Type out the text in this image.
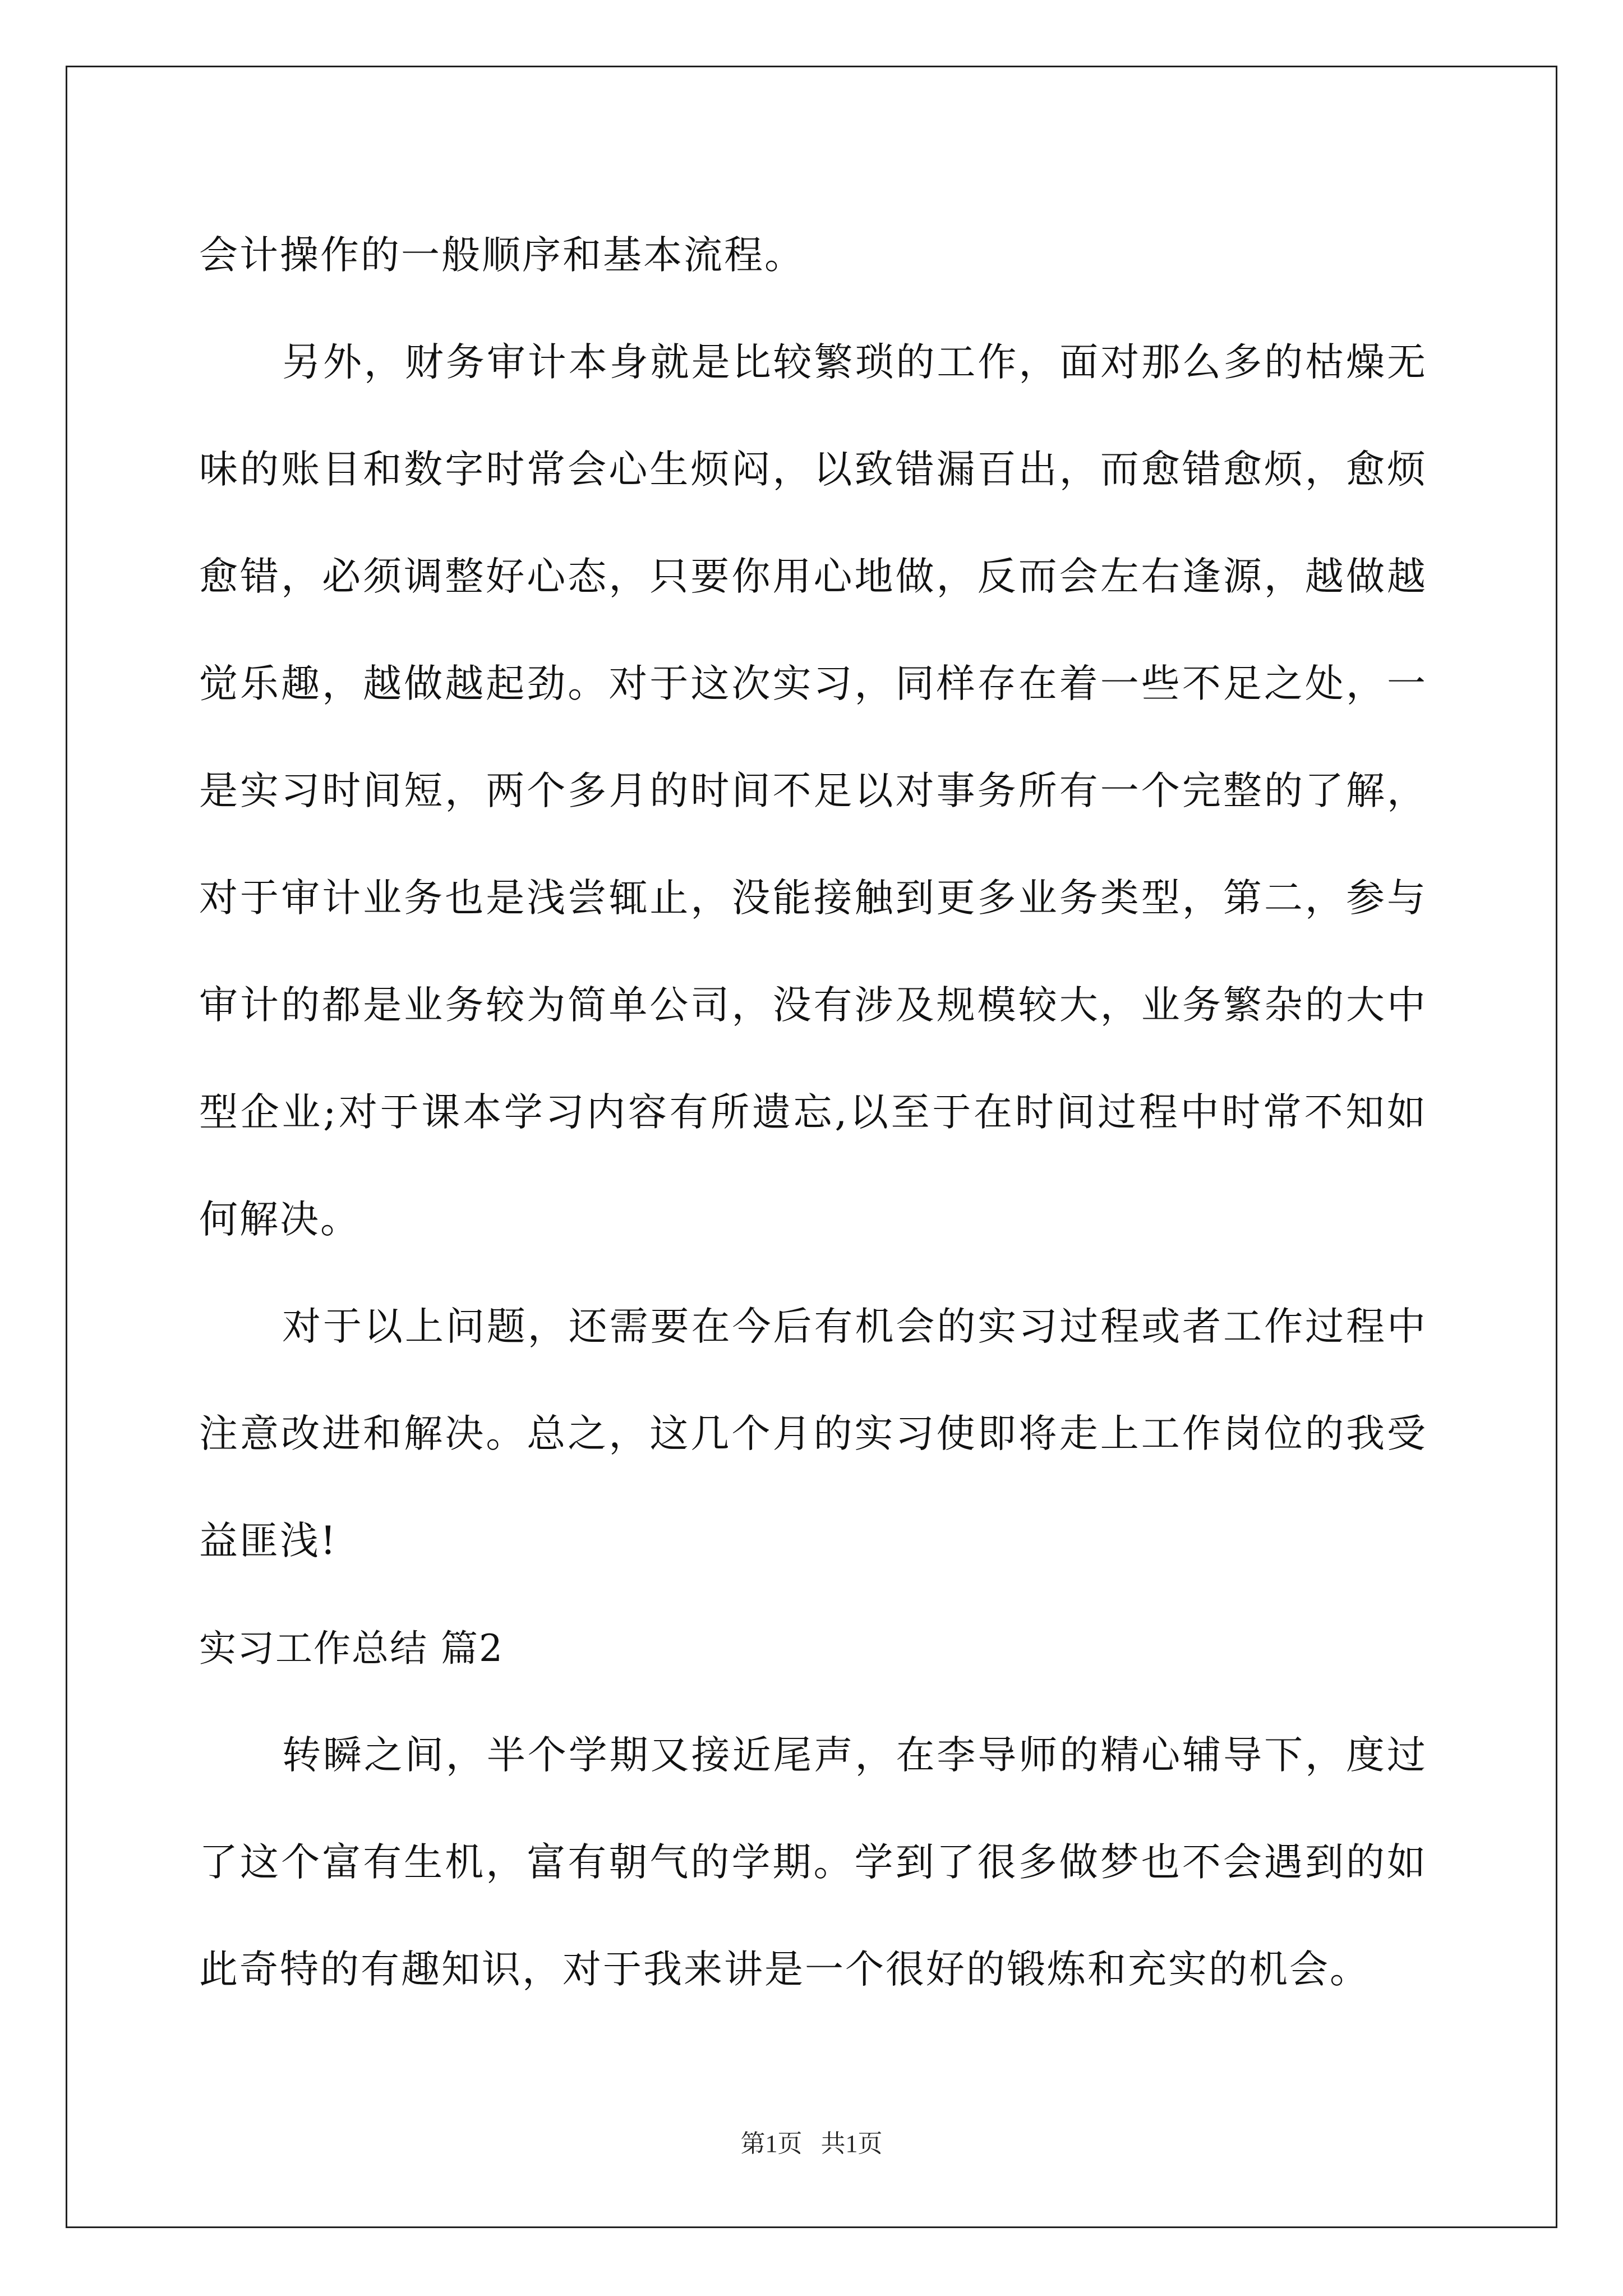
会计操作的一般顺序和基本流程。

另外，财务审计本身就是比较繁琐的工作，面对那么多的枯燥无味的账目和数字时常会心生烦闷，以致错漏百出，而愈错愈烦，愈烦愈错，必须调整好心态，只要你用心地做，反而会左右逢源，越做越觉乐趣，越做越起劲。对于这次实习，同样存在着一些不足之处，一是实习时间短，两个多月的时间不足以对事务所有一个完整的了解，对于审计业务也是浅尝辄止，没能接触到更多业务类型，第二，参与审计的都是业务较为简单公司，没有涉及规模较大，业务繁杂的大中型企业;对于课本学习内容有所遗忘,以至于在时间过程中时常不知如何解决。

对于以上问题，还需要在今后有机会的实习过程或者工作过程中注意改进和解决。总之，这几个月的实习使即将走上工作岗位的我受益匪浅!

实习工作总结 篇2

转瞬之间，半个学期又接近尾声，在李导师的精心辅导下，度过了这个富有生机，富有朝气的学期。学到了很多做梦也不会遇到的如此奇特的有趣知识，对于我来讲是一个很好的锻炼和充实的机会。

第1页   共1页
